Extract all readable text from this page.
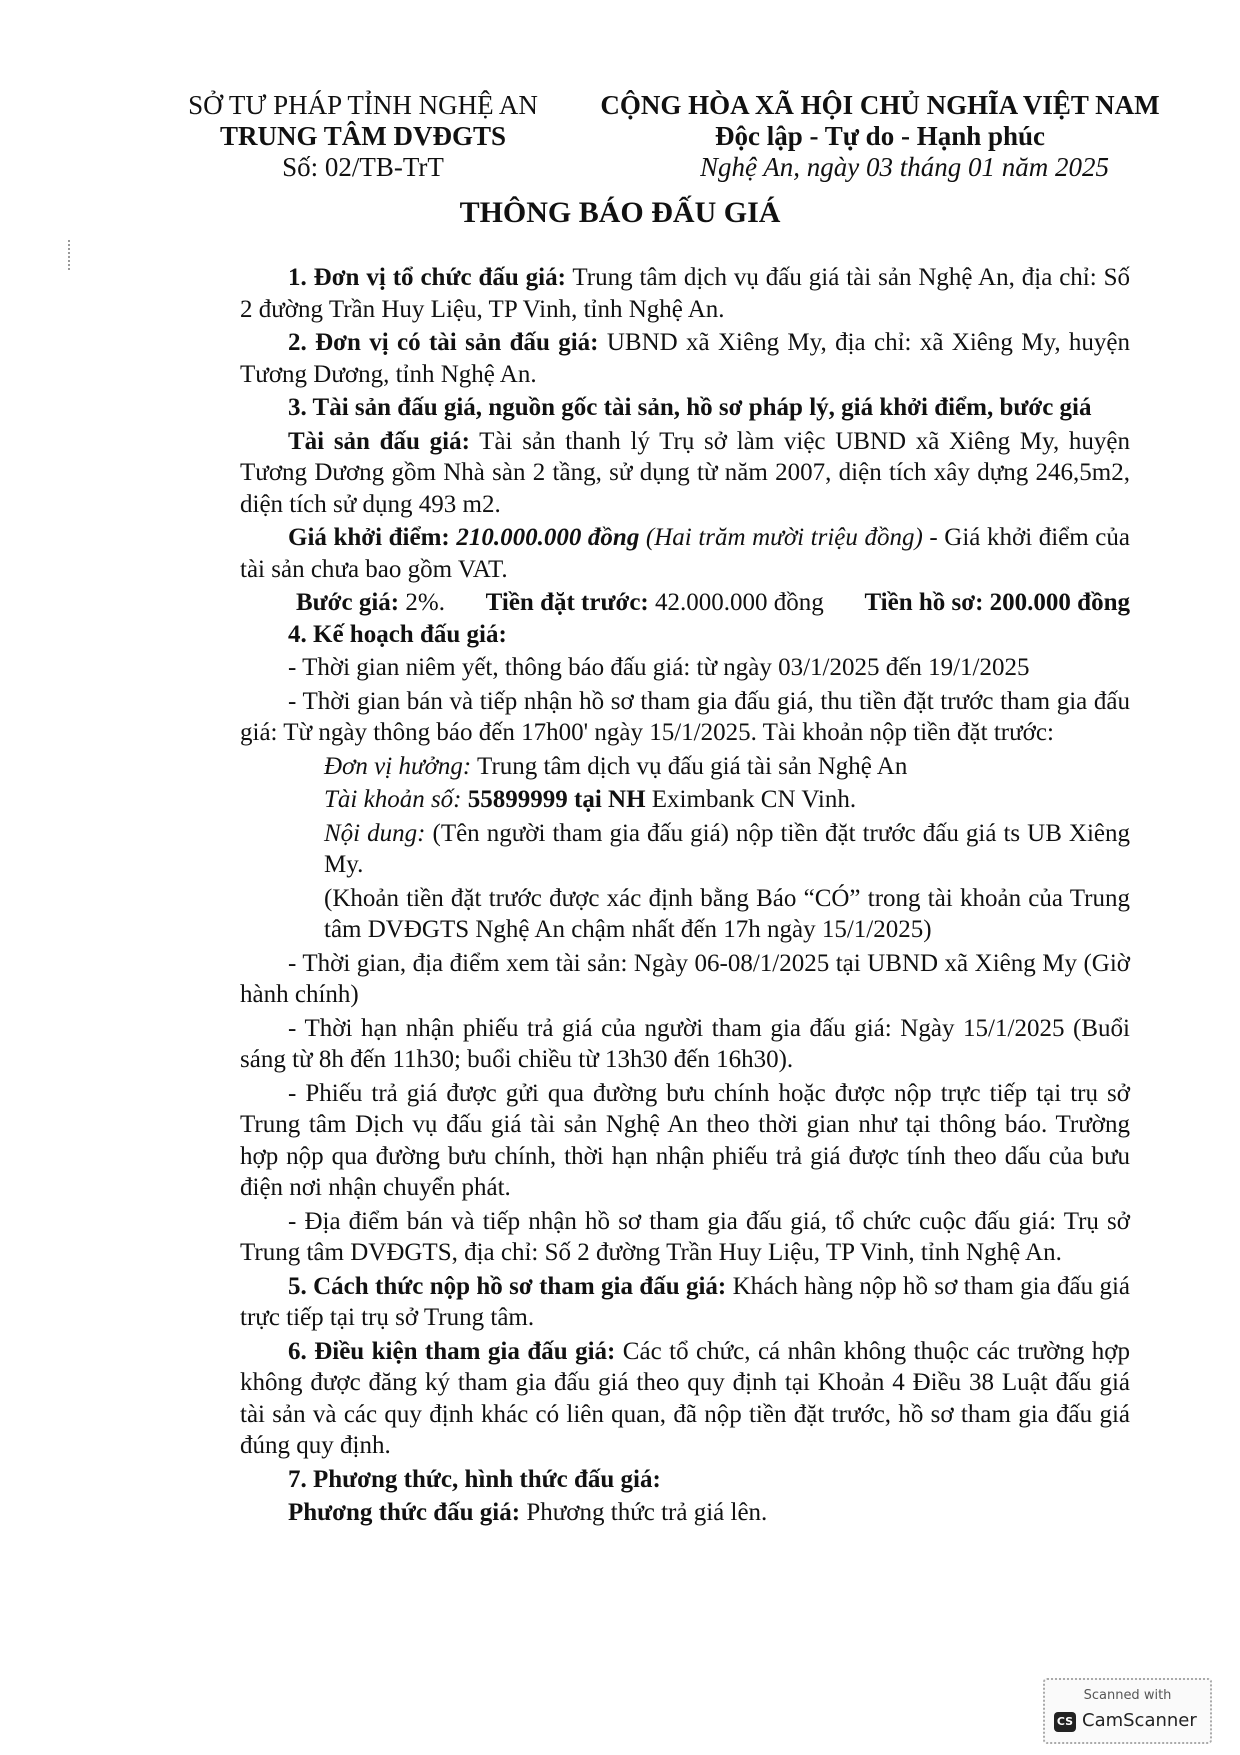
SỞ TƯ PHÁP TỈNH NGHỆ AN
TRUNG TÂM DVĐGTS
Số: 02/TB-TrT
CỘNG HÒA XÃ HỘI CHỦ NGHĨA VIỆT NAM
Độc lập - Tự do - Hạnh phúc
Nghệ An, ngày 03 tháng 01 năm 2025
THÔNG BÁO ĐẤU GIÁ

1. Đơn vị tổ chức đấu giá: Trung tâm dịch vụ đấu giá tài sản Nghệ An, địa chỉ: Số 2 đường Trần Huy Liệu, TP Vinh, tỉnh Nghệ An.

2. Đơn vị có tài sản đấu giá: UBND xã Xiêng My, địa chỉ: xã Xiêng My, huyện Tương Dương, tỉnh Nghệ An.

3. Tài sản đấu giá, nguồn gốc tài sản, hồ sơ pháp lý, giá khởi điểm, bước giá

Tài sản đấu giá: Tài sản thanh lý Trụ sở làm việc UBND xã Xiêng My, huyện Tương Dương gồm Nhà sàn 2 tầng, sử dụng từ năm 2007, diện tích xây dựng 246,5m2, diện tích sử dụng 493 m2.

Giá khởi điểm: 210.000.000 đồng (Hai trăm mười triệu đồng) - Giá khởi điểm của tài sản chưa bao gồm VAT.

Bước giá: 2%. Tiền đặt trước: 42.000.000 đồng Tiền hồ sơ: 200.000 đồng

4. Kế hoạch đấu giá:

- Thời gian niêm yết, thông báo đấu giá: từ ngày 03/1/2025 đến 19/1/2025

- Thời gian bán và tiếp nhận hồ sơ tham gia đấu giá, thu tiền đặt trước tham gia đấu giá: Từ ngày thông báo đến 17h00' ngày 15/1/2025. Tài khoản nộp tiền đặt trước:

Đơn vị hưởng: Trung tâm dịch vụ đấu giá tài sản Nghệ An

Tài khoản số: 55899999 tại NH Eximbank CN Vinh.

Nội dung: (Tên người tham gia đấu giá) nộp tiền đặt trước đấu giá ts UB Xiêng My.

(Khoản tiền đặt trước được xác định bằng Báo “CÓ” trong tài khoản của Trung tâm DVĐGTS Nghệ An chậm nhất đến 17h ngày 15/1/2025)

- Thời gian, địa điểm xem tài sản: Ngày 06-08/1/2025 tại UBND xã Xiêng My (Giờ hành chính)

- Thời hạn nhận phiếu trả giá của người tham gia đấu giá: Ngày 15/1/2025 (Buổi sáng từ 8h đến 11h30; buổi chiều từ 13h30 đến 16h30).

- Phiếu trả giá được gửi qua đường bưu chính hoặc được nộp trực tiếp tại trụ sở Trung tâm Dịch vụ đấu giá tài sản Nghệ An theo thời gian như tại thông báo. Trường hợp nộp qua đường bưu chính, thời hạn nhận phiếu trả giá được tính theo dấu của bưu điện nơi nhận chuyển phát.

- Địa điểm bán và tiếp nhận hồ sơ tham gia đấu giá, tổ chức cuộc đấu giá: Trụ sở Trung tâm DVĐGTS, địa chỉ: Số 2 đường Trần Huy Liệu, TP Vinh, tỉnh Nghệ An.

5. Cách thức nộp hồ sơ tham gia đấu giá: Khách hàng nộp hồ sơ tham gia đấu giá trực tiếp tại trụ sở Trung tâm.

6. Điều kiện tham gia đấu giá: Các tổ chức, cá nhân không thuộc các trường hợp không được đăng ký tham gia đấu giá theo quy định tại Khoản 4 Điều 38 Luật đấu giá tài sản và các quy định khác có liên quan, đã nộp tiền đặt trước, hồ sơ tham gia đấu giá đúng quy định.

7. Phương thức, hình thức đấu giá:

Phương thức đấu giá: Phương thức trả giá lên.

Scanned with
CS CamScanner
